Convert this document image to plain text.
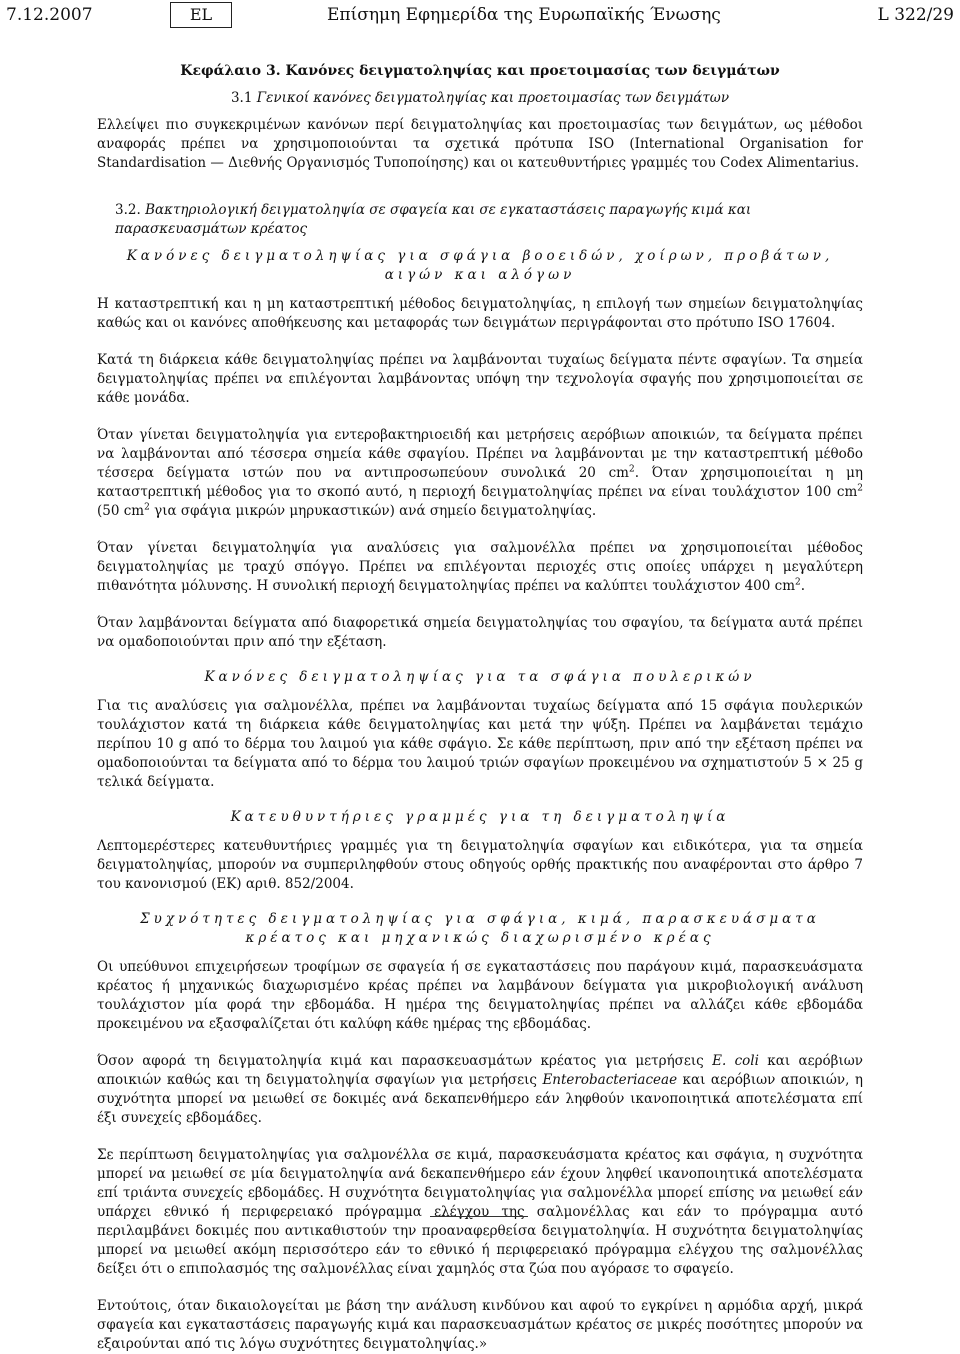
7.12.2007	EL	Επίσημη Εφημερίδα της Ευρωπαϊκής Ένωσης	L 322/29
Κεφάλαιο 3. Κανόνες δειγματοληψίας και προετοιμασίας των δειγμάτων
3.1 Γενικοί κανόνες δειγματοληψίας και προετοιμασίας των δειγμάτων

Ελλείψει πιο συγκεκριμένων κανόνων περί δειγματοληψίας και προετοιμασίας των δειγμάτων, ως μέθοδοι αναφοράς πρέπει να χρησιμοποιούνται τα σχετικά πρότυπα ISO (International Organisation for Standardisation — Διεθνής Οργανισμός Τυποποίησης) και οι κατευθυντήριες γραμμές του Codex Alimentarius.

3.2. Βακτηριολογική δειγματοληψία σε σφαγεία και σε εγκαταστάσεις παραγωγής κιμά και παρασκευασμάτων κρέατος
Κανόνες δειγματοληψίας για σφάγια βοοειδών, χοίρων, προβάτων, αιγών και αλόγων

Η καταστρεπτική και η μη καταστρεπτική μέθοδος δειγματοληψίας, η επιλογή των σημείων δειγματοληψίας καθώς και οι κανόνες αποθήκευσης και μεταφοράς των δειγμάτων περιγράφονται στο πρότυπο ISO 17604.

Κατά τη διάρκεια κάθε δειγματοληψίας πρέπει να λαμβάνονται τυχαίως δείγματα πέντε σφαγίων. Τα σημεία δειγματοληψίας πρέπει να επιλέγονται λαμβάνοντας υπόψη την τεχνολογία σφαγής που χρησιμοποιείται σε κάθε μονάδα.

Όταν γίνεται δειγματοληψία για εντεροβακτηριοειδή και μετρήσεις αερόβιων αποικιών, τα δείγματα πρέπει να λαμβάνονται από τέσσερα σημεία κάθε σφαγίου. Πρέπει να λαμβάνονται με την καταστρεπτική μέθοδο τέσσερα δείγματα ιστών που να αντιπροσωπεύουν συνολικά 20 $cm^2$. Όταν χρησιμοποιείται η μη καταστρεπτική μέθοδος για το σκοπό αυτό, η περιοχή δειγματοληψίας πρέπει να είναι τουλάχιστον 100 $cm^2$ (50 $cm^2$ για σφάγια μικρών μηρυκαστικών) ανά σημείο δειγματοληψίας.

Όταν γίνεται δειγματοληψία για αναλύσεις για σαλμονέλλα πρέπει να χρησιμοποιείται μέθοδος δειγματοληψίας με τραχύ σπόγγο. Πρέπει να επιλέγονται περιοχές στις οποίες υπάρχει η μεγαλύτερη πιθανότητα μόλυνσης. Η συνολική περιοχή δειγματοληψίας πρέπει να καλύπτει τουλάχιστον 400 $cm^2$.

Όταν λαμβάνονται δείγματα από διαφορετικά σημεία δειγματοληψίας του σφαγίου, τα δείγματα αυτά πρέπει να ομαδοποιούνται πριν από την εξέταση.

Κανόνες δειγματοληψίας για τα σφάγια πουλερικών

Για τις αναλύσεις για σαλμονέλλα, πρέπει να λαμβάνονται τυχαίως δείγματα από 15 σφάγια πουλερικών τουλάχιστον κατά τη διάρκεια κάθε δειγματοληψίας και μετά την ψύξη. Πρέπει να λαμβάνεται τεμάχιο περίπου 10 g από το δέρμα του λαιμού για κάθε σφάγιο. Σε κάθε περίπτωση, πριν από την εξέταση πρέπει να ομαδοποιούνται τα δείγματα από το δέρμα του λαιμού τριών σφαγίων προκειμένου να σχηματιστούν 5 × 25 g τελικά δείγματα.

Κατευθυντήριες γραμμές για τη δειγματοληψία

Λεπτομερέστερες κατευθυντήριες γραμμές για τη δειγματοληψία σφαγίων και ειδικότερα, για τα σημεία δειγματοληψίας, μπορούν να συμπεριληφθούν στους οδηγούς ορθής πρακτικής που αναφέρονται στο άρθρο 7 του κανονισμού (ΕΚ) αριθ. 852/2004.

Συχνότητες δειγματοληψίας για σφάγια, κιμά, παρασκευάσματα κρέατος και μηχανικώς διαχωρισμένο κρέας

Οι υπεύθυνοι επιχειρήσεων τροφίμων σε σφαγεία ή σε εγκαταστάσεις που παράγουν κιμά, παρασκευάσματα κρέατος ή μηχανικώς διαχωρισμένο κρέας πρέπει να λαμβάνουν δείγματα για μικροβιολογική ανάλυση τουλάχιστον μία φορά την εβδομάδα. Η ημέρα της δειγματοληψίας πρέπει να αλλάζει κάθε εβδομάδα προκειμένου να εξασφαλίζεται ότι καλύφη κάθε ημέρας της εβδομάδας.

Όσον αφορά τη δειγματοληψία κιμά και παρασκευασμάτων κρέατος για μετρήσεις E. coli και αερόβιων αποικιών καθώς και τη δειγματοληψία σφαγίων για μετρήσεις Enterobacteriaceae και αερόβιων αποικιών, η συχνότητα μπορεί να μειωθεί σε δοκιμές ανά δεκαπενθήμερο εάν ληφθούν ικανοποιητικά αποτελέσματα επί έξι συνεχείς εβδομάδες.

Σε περίπτωση δειγματοληψίας για σαλμονέλλα σε κιμά, παρασκευάσματα κρέατος και σφάγια, η συχνότητα μπορεί να μειωθεί σε μία δειγματοληψία ανά δεκαπενθήμερο εάν έχουν ληφθεί ικανοποιητικά αποτελέσματα επί τριάντα συνεχείς εβδομάδες. Η συχνότητα δειγματοληψίας για σαλμονέλλα μπορεί επίσης να μειωθεί εάν υπάρχει εθνικό ή περιφερειακό πρόγραμμα ελέγχου της σαλμονέλλας και εάν το πρόγραμμα αυτό περιλαμβάνει δοκιμές που αντικαθιστούν την προαναφερθείσα δειγματοληψία. Η συχνότητα δειγματοληψίας μπορεί να μειωθεί ακόμη περισσότερο εάν το εθνικό ή περιφερειακό πρόγραμμα ελέγχου της σαλμονέλλας δείξει ότι ο επιπολασμός της σαλμονέλλας είναι χαμηλός στα ζώα που αγόρασε το σφαγείο.

Εντούτοις, όταν δικαιολογείται με βάση την ανάλυση κινδύνου και αφού το εγκρίνει η αρμόδια αρχή, μικρά σφαγεία και εγκαταστάσεις παραγωγής κιμά και παρασκευασμάτων κρέατος σε μικρές ποσότητες μπορούν να εξαιρούνται από τις λόγω συχνότητες δειγματοληψίας.»
